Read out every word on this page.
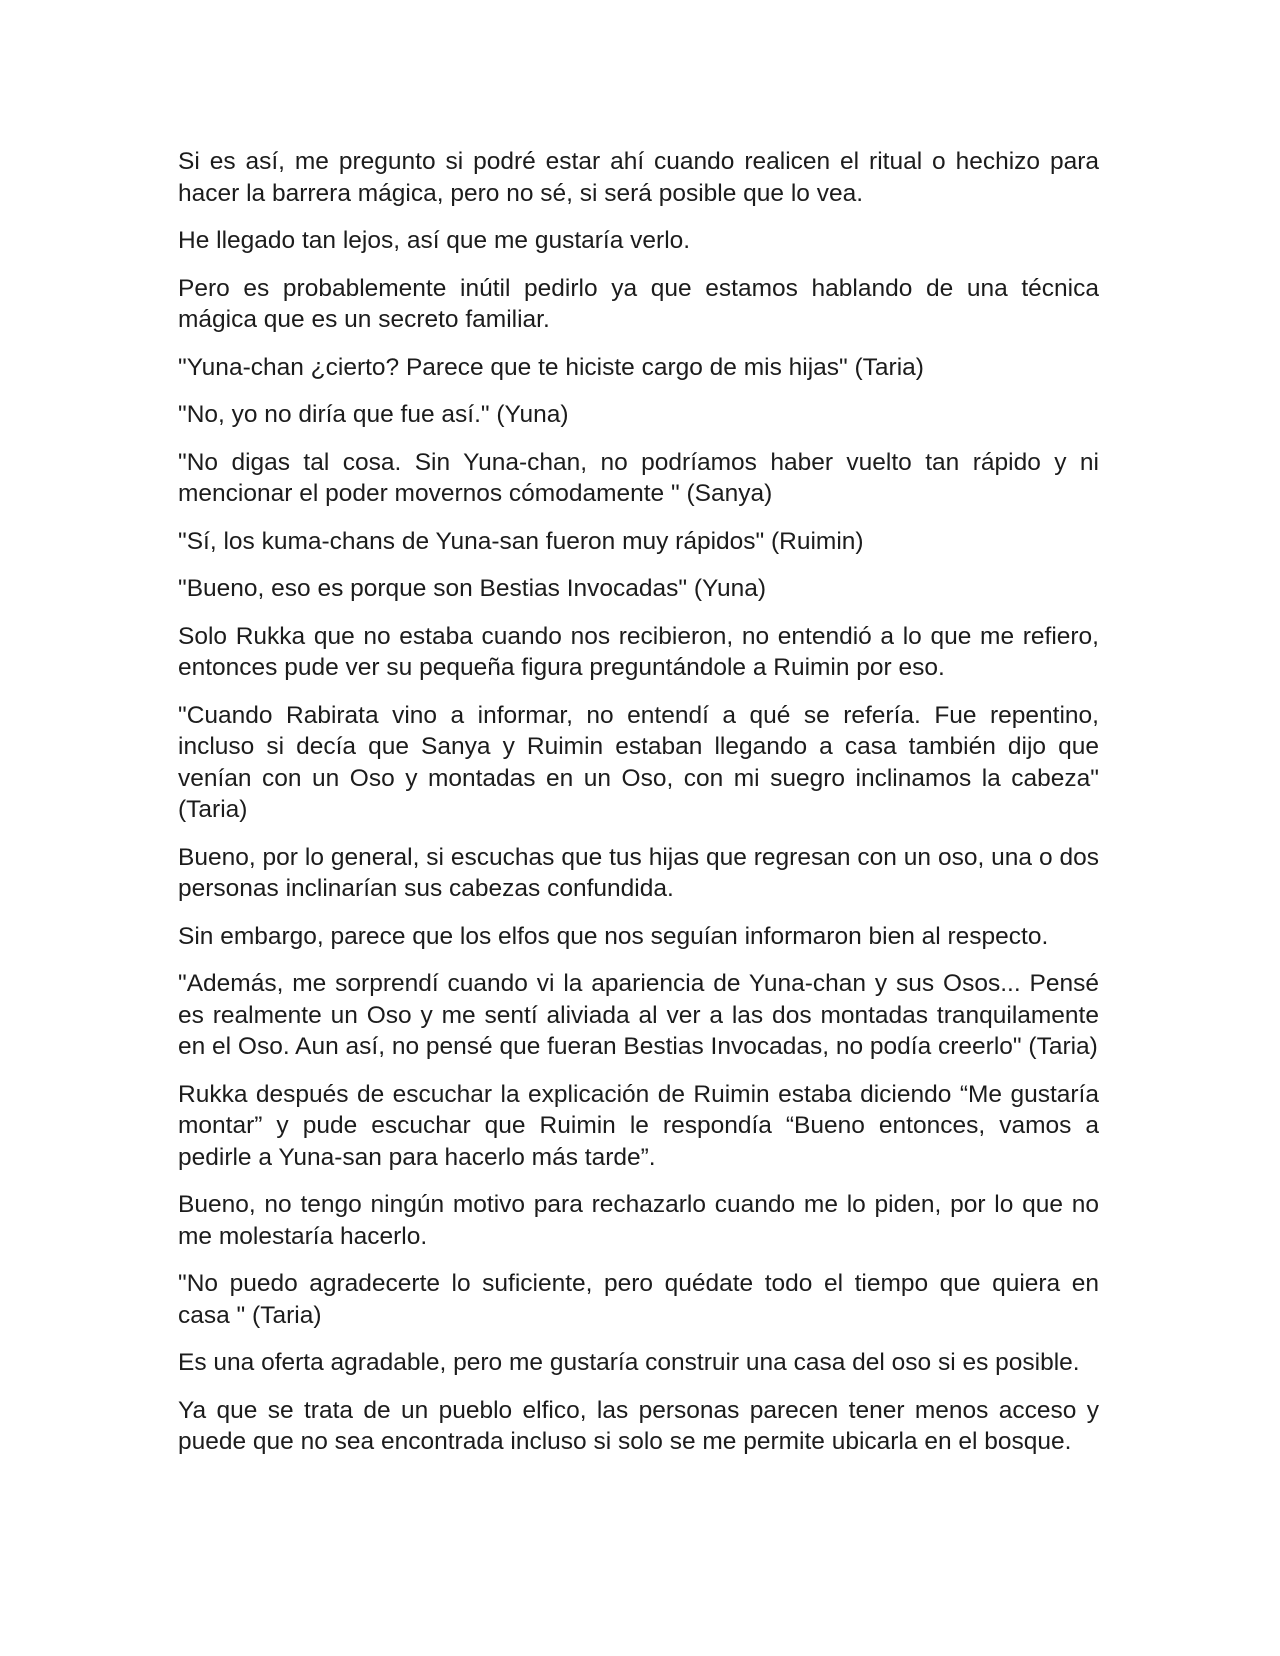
Si es así, me pregunto si podré estar ahí cuando realicen el ritual o hechizo para hacer la barrera mágica, pero no sé, si será posible que lo vea.

He llegado tan lejos, así que me gustaría verlo.

Pero es probablemente inútil pedirlo ya que estamos hablando de una técnica mágica que es un secreto familiar.

"Yuna-chan ¿cierto? Parece que te hiciste cargo de mis hijas" (Taria)

"No, yo no diría que fue así." (Yuna)

"No digas tal cosa. Sin Yuna-chan, no podríamos haber vuelto tan rápido y ni mencionar el poder movernos cómodamente " (Sanya)

"Sí, los kuma-chans de Yuna-san fueron muy rápidos" (Ruimin)

"Bueno, eso es porque son Bestias Invocadas" (Yuna)

Solo Rukka que no estaba cuando nos recibieron, no entendió a lo que me refiero, entonces pude ver su pequeña figura preguntándole a Ruimin por eso.

"Cuando Rabirata vino a informar, no entendí a qué se refería. Fue repentino, incluso si decía que Sanya y Ruimin estaban llegando a casa también dijo que venían con un Oso y montadas en un Oso, con mi suegro inclinamos la cabeza" (Taria)

Bueno, por lo general, si escuchas que tus hijas que regresan con un oso, una o dos personas inclinarían sus cabezas confundida.

Sin embargo, parece que los elfos que nos seguían informaron bien al respecto.

"Además, me sorprendí cuando vi la apariencia de Yuna-chan y sus Osos... Pensé es realmente un Oso y me sentí aliviada al ver a las dos montadas tranquilamente en el Oso. Aun así, no pensé que fueran Bestias Invocadas, no podía creerlo" (Taria)

Rukka después de escuchar la explicación de Ruimin estaba diciendo “Me gustaría montar” y pude escuchar que Ruimin le respondía “Bueno entonces, vamos a pedirle a Yuna-san para hacerlo más tarde”.

Bueno, no tengo ningún motivo para rechazarlo cuando me lo piden, por lo que no me molestaría hacerlo.

"No puedo agradecerte lo suficiente, pero quédate todo el tiempo que quiera en casa " (Taria)

Es una oferta agradable, pero me gustaría construir una casa del oso si es posible.

Ya que se trata de un pueblo elfico, las personas parecen tener menos acceso y puede que no sea encontrada incluso si solo se me permite ubicarla en el bosque.
